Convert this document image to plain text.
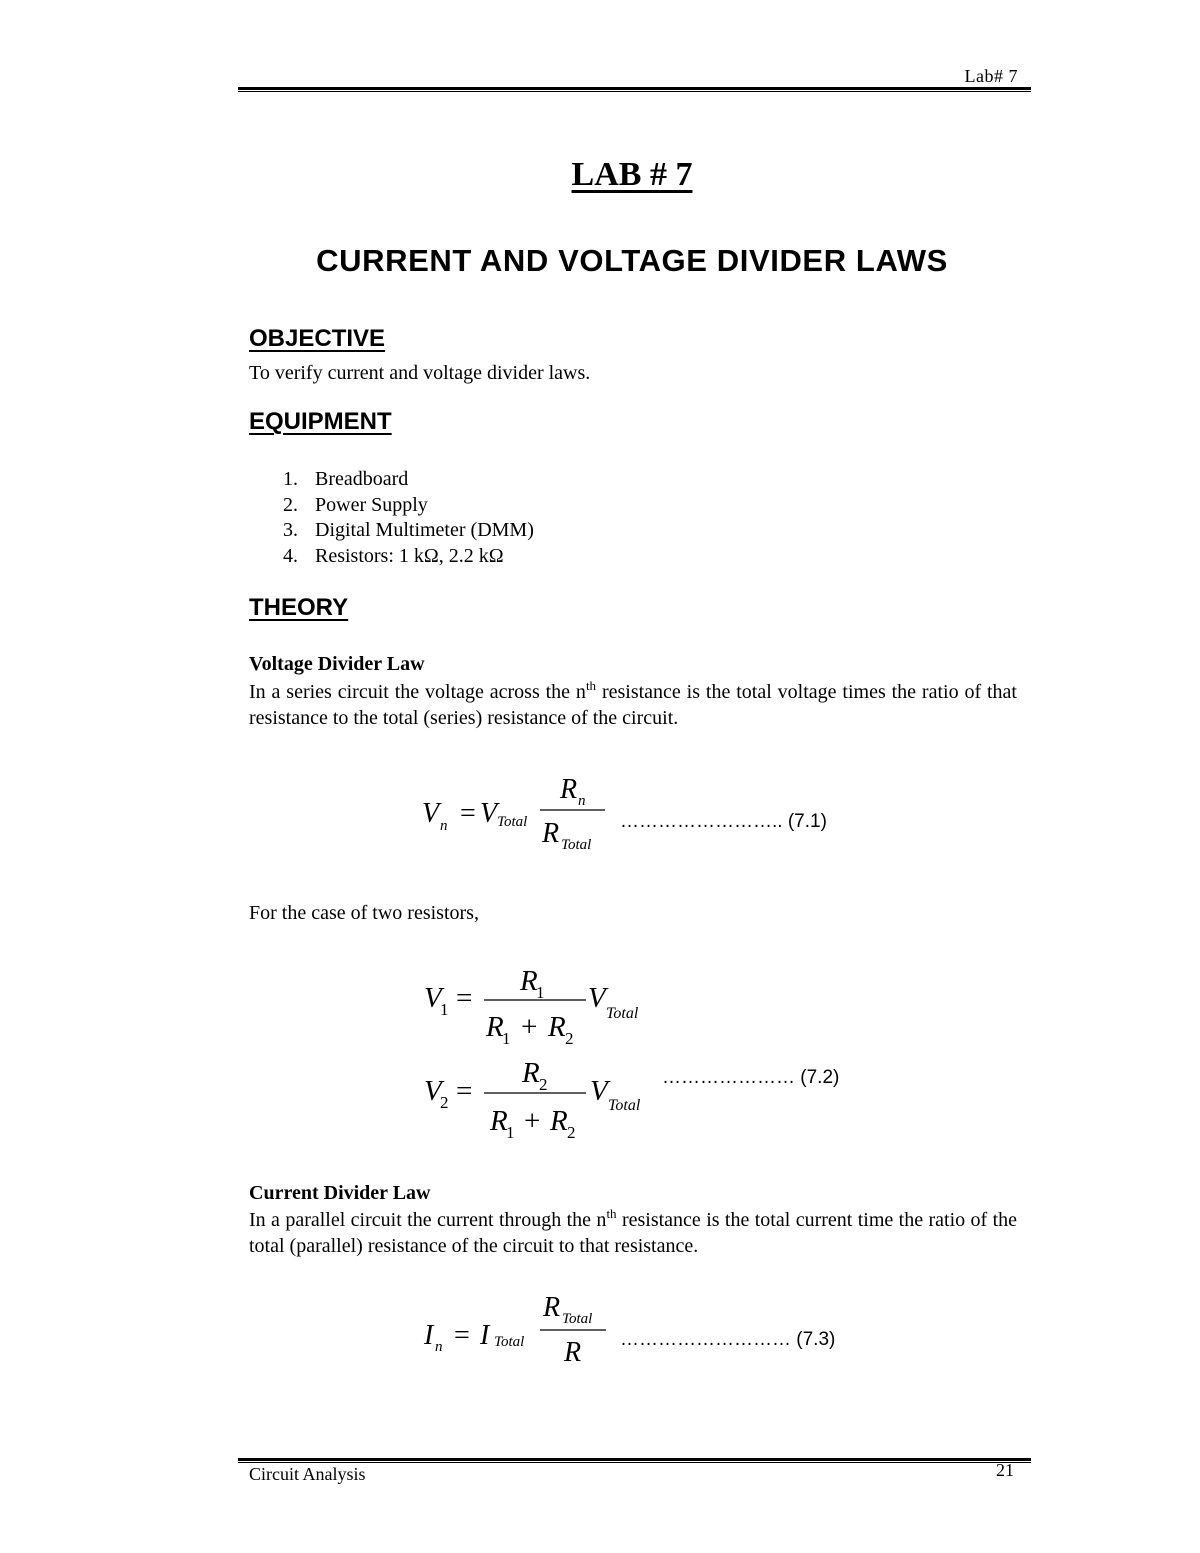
Lab# 7
LAB # 7
CURRENT AND VOLTAGE DIVIDER LAWS
OBJECTIVE
To verify current and voltage divider laws.
EQUIPMENT
1. Breadboard
2. Power Supply
3. Digital Multimeter (DMM)
4. Resistors: 1 kΩ, 2.2 kΩ
THEORY
Voltage Divider Law
In a series circuit the voltage across the $n^{th}$ resistance is the total voltage times the ratio of that resistance to the total (series) resistance of the circuit.
V n = V Total
R n
R Total
…………………….. (7.1)
For the case of two resistors,
V
1 =
R
1
R
1 + R 2
V Total
V
2 =
R 2
R
1 + R 2
V Total
………………… (7.2)
Current Divider Law
In a parallel circuit the current through the $n^{th}$ resistance is the total current time the ratio of the total (parallel) resistance of the circuit to that resistance.
I n = I Total
R Total
R ……………………… (7.3)
Circuit Analysis	21
